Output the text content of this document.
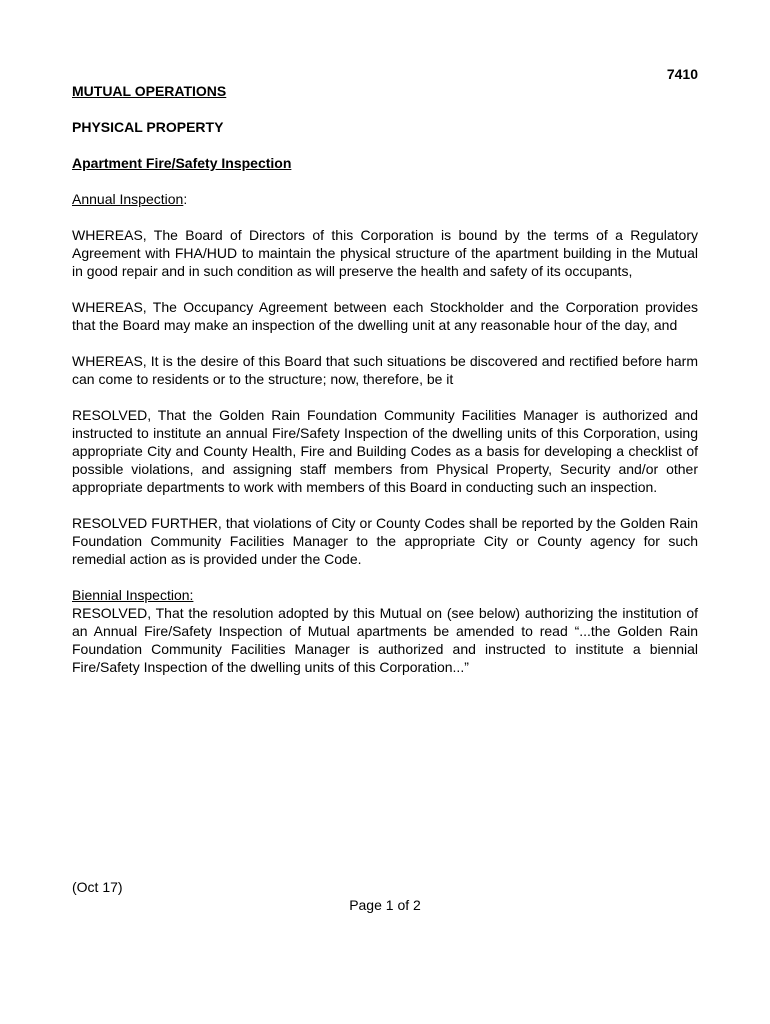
7410
MUTUAL OPERATIONS
PHYSICAL PROPERTY
Apartment Fire/Safety Inspection
Annual Inspection:

WHEREAS, The Board of Directors of this Corporation is bound by the terms of a Regulatory Agreement with FHA/HUD to maintain the physical structure of the apartment building in the Mutual in good repair and in such condition as will preserve the health and safety of its occupants,

WHEREAS, The Occupancy Agreement between each Stockholder and the Corporation provides that the Board may make an inspection of the dwelling unit at any reasonable hour of the day, and

WHEREAS, It is the desire of this Board that such situations be discovered and rectified before harm can come to residents or to the structure; now, therefore, be it

RESOLVED, That the Golden Rain Foundation Community Facilities Manager is authorized and instructed to institute an annual Fire/Safety Inspection of the dwelling units of this Corporation, using appropriate City and County Health, Fire and Building Codes as a basis for developing a checklist of possible violations, and assigning staff members from Physical Property, Security and/or other appropriate departments to work with members of this Board in conducting such an inspection.

RESOLVED FURTHER, that violations of City or County Codes shall be reported by the Golden Rain Foundation Community Facilities Manager to the appropriate City or County agency for such remedial action as is provided under the Code.

Biennial Inspection:

RESOLVED, That the resolution adopted by this Mutual on (see below) authorizing the institution of an Annual Fire/Safety Inspection of Mutual apartments be amended to read “...the Golden Rain Foundation Community Facilities Manager is authorized and instructed to institute a biennial Fire/Safety Inspection of the dwelling units of this Corporation...”

(Oct 17)
Page 1 of 2
